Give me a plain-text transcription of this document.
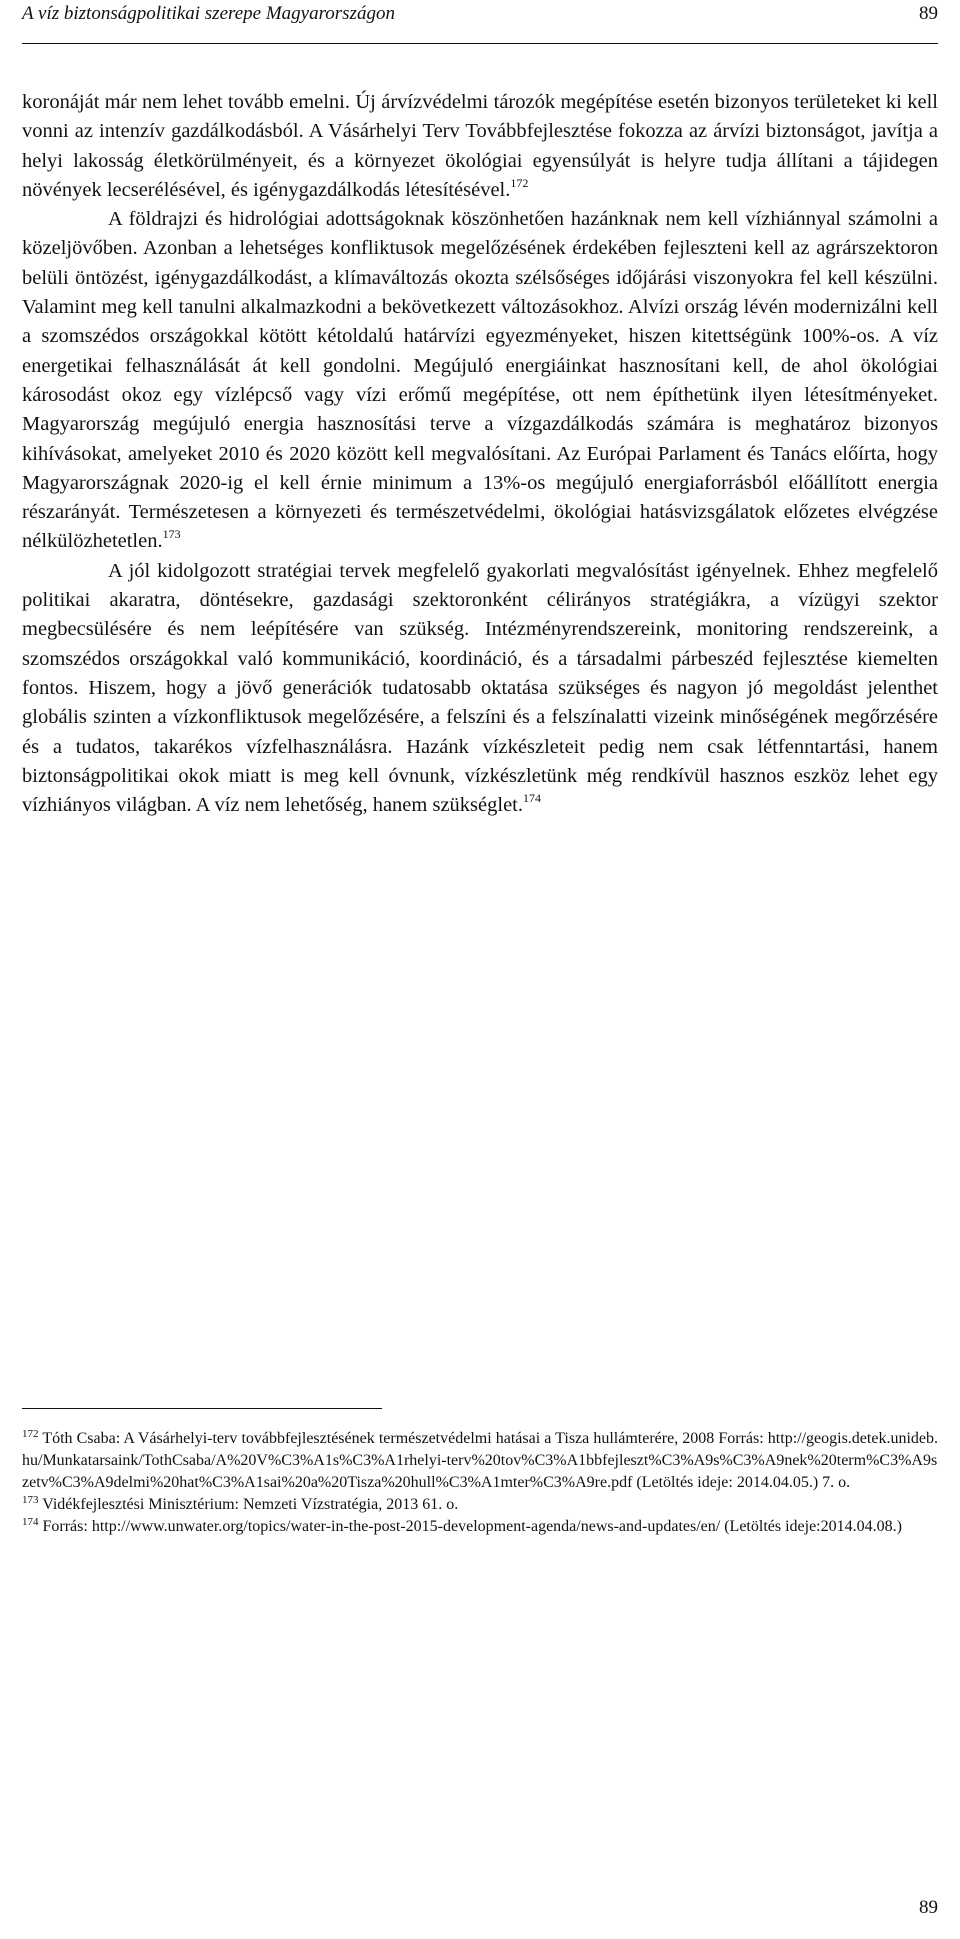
A víz biztonságpolitikai szerepe Magyarországon	89

koronáját már nem lehet tovább emelni. Új árvízvédelmi tározók megépítése esetén bizonyos területeket ki kell vonni az intenzív gazdálkodásból. A Vásárhelyi Terv Továbbfejlesztése fokozza az árvízi biztonságot, javítja a helyi lakosság életkörülményeit, és a környezet ökológiai egyensúlyát is helyre tudja állítani a tájidegen növények lecserélésével, és igénygazdálkodás létesítésével.$^{172}$

A földrajzi és hidrológiai adottságoknak köszönhetően hazánknak nem kell vízhiánnyal számolni a közeljövőben. Azonban a lehetséges konfliktusok megelőzésének érdekében fejleszteni kell az agrárszektoron belüli öntözést, igénygazdálkodást, a klímaváltozás okozta szélsőséges időjárási viszonyokra fel kell készülni. Valamint meg kell tanulni alkalmazkodni a bekövetkezett változásokhoz. Alvízi ország lévén modernizálni kell a szomszédos országokkal kötött kétoldalú határvízi egyezményeket, hiszen kitettségünk 100%-os. A víz energetikai felhasználását át kell gondolni. Megújuló energiáinkat hasznosítani kell, de ahol ökológiai károsodást okoz egy vízlépcső vagy vízi erőmű megépítése, ott nem építhetünk ilyen létesítményeket. Magyarország megújuló energia hasznosítási terve a vízgazdálkodás számára is meghatároz bizonyos kihívásokat, amelyeket 2010 és 2020 között kell megvalósítani. Az Európai Parlament és Tanács előírta, hogy Magyarországnak 2020-ig el kell érnie minimum a 13%-os megújuló energiaforrásból előállított energia részarányát. Természetesen a környezeti és természetvédelmi, ökológiai hatásvizsgálatok előzetes elvégzése nélkülözhetetlen.$^{173}$

A jól kidolgozott stratégiai tervek megfelelő gyakorlati megvalósítást igényelnek. Ehhez megfelelő politikai akaratra, döntésekre, gazdasági szektoronként célirányos stratégiákra, a vízügyi szektor megbecsülésére és nem leépítésére van szükség. Intézményrendszereink, monitoring rendszereink, a szomszédos országokkal való kommunikáció, koordináció, és a társadalmi párbeszéd fejlesztése kiemelten fontos. Hiszem, hogy a jövő generációk tudatosabb oktatása szükséges és nagyon jó megoldást jelenthet globális szinten a vízkonfliktusok megelőzésére, a felszíni és a felszínalatti vizeink minőségének megőrzésére és a tudatos, takarékos vízfelhasználásra. Hazánk vízkészleteit pedig nem csak létfenntartási, hanem biztonságpolitikai okok miatt is meg kell óvnunk, vízkészletünk még rendkívül hasznos eszköz lehet egy vízhiányos világban. A víz nem lehetőség, hanem szükséglet.$^{174}$

$^{172}$ Tóth Csaba: A Vásárhelyi-terv továbbfejlesztésének természetvédelmi hatásai a Tisza hullámterére, 2008 Forrás: http://geogis.detek.unideb.hu/Munkatarsaink/TothCsaba/A%20V%C3%A1s%C3%A1rhelyi-terv%20tov%C3%A1bbfejleszt%C3%A9s%C3%A9nek%20term%C3%A9szetv%C3%A9delmi%20hat%C3%A1sai%20a%20Tisza%20hull%C3%A1mter%C3%A9re.pdf (Letöltés ideje: 2014.04.05.) 7. o.

$^{173}$ Vidékfejlesztési Minisztérium: Nemzeti Vízstratégia, 2013 61. o.

$^{174}$ Forrás: http://www.unwater.org/topics/water-in-the-post-2015-development-agenda/news-and-updates/en/ (Letöltés ideje:2014.04.08.)

89
